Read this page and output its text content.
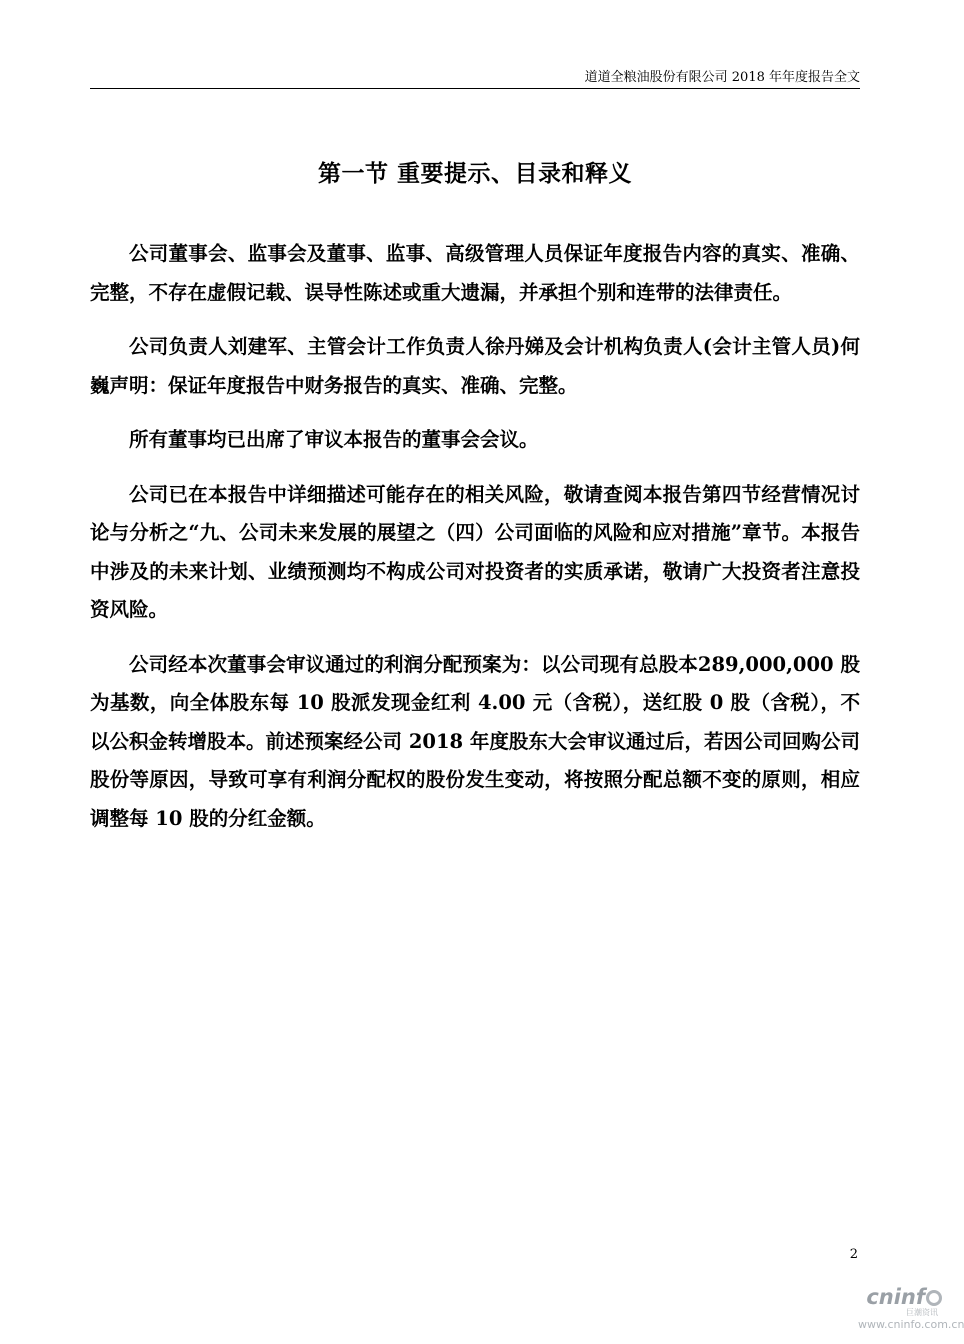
道道全粮油股份有限公司 2018 年年度报告全文
第一节 重要提示、目录和释义

公司董事会、监事会及董事、监事、高级管理人员保证年度报告内容的真实、准确、完整，不存在虚假记载、误导性陈述或重大遗漏，并承担个别和连带的法律责任。

公司负责人刘建军、主管会计工作负责人徐丹娣及会计机构负责人(会计主管人员)何巍声明：保证年度报告中财务报告的真实、准确、完整。

所有董事均已出席了审议本报告的董事会会议。

公司已在本报告中详细描述可能存在的相关风险，敬请查阅本报告第四节经营情况讨论与分析之“九、公司未来发展的展望之（四）公司面临的风险和应对措施”章节。本报告中涉及的未来计划、业绩预测均不构成公司对投资者的实质承诺，敬请广大投资者注意投资风险。

公司经本次董事会审议通过的利润分配预案为：以公司现有总股本289,000,000 股为基数，向全体股东每 10 股派发现金红利 4.00 元（含税），送红股 0 股（含税），不以公积金转增股本。前述预案经公司 2018 年度股东大会审议通过后，若因公司回购公司股份等原因，导致可享有利润分配权的股份发生变动，将按照分配总额不变的原则，相应调整每 10 股的分红金额。

2
cninf
巨潮资讯
www.cninfo.com.cn
